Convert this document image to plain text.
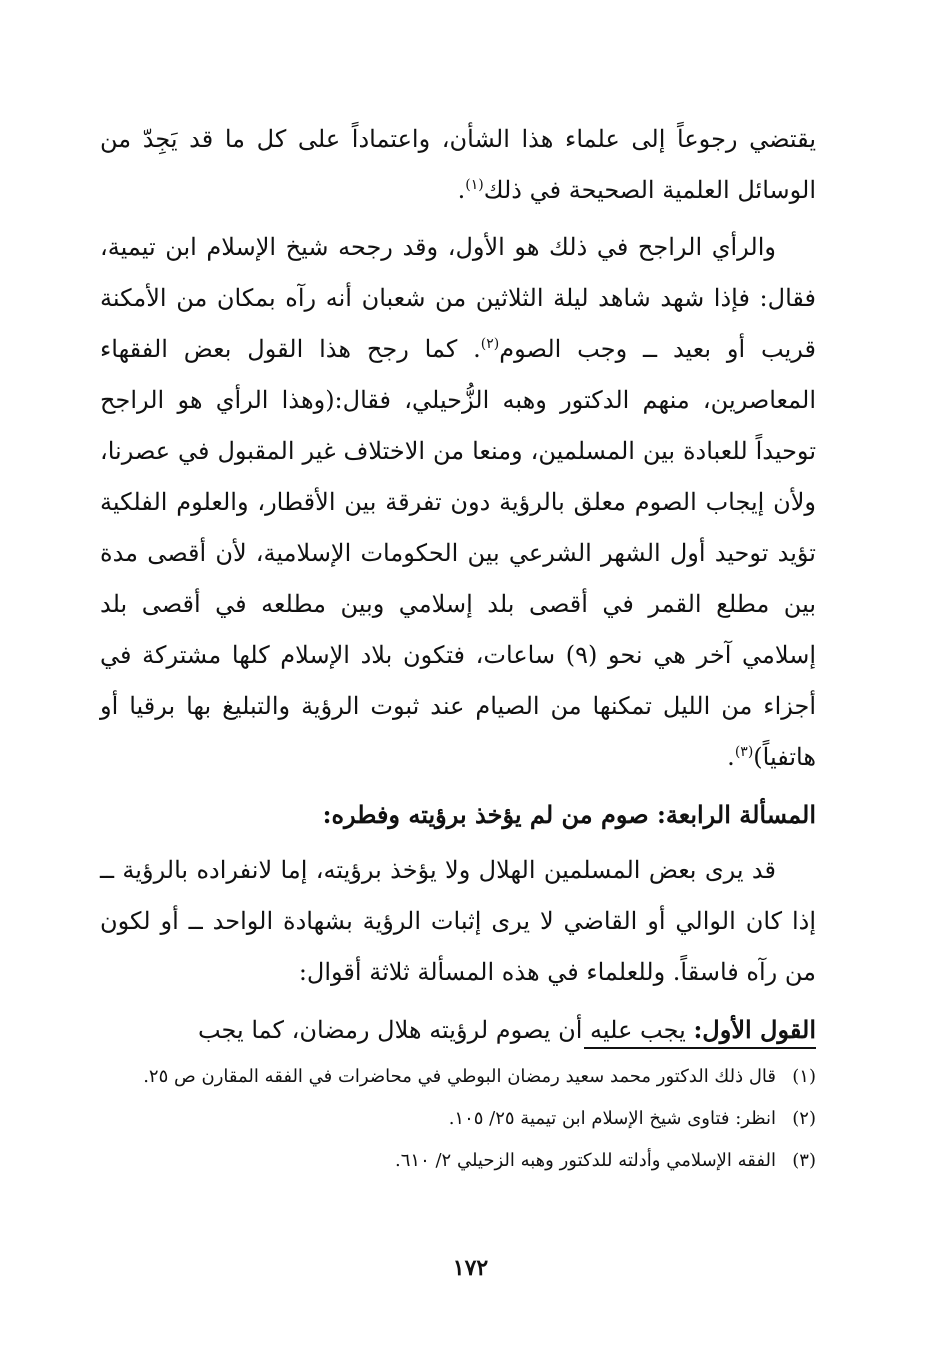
يقتضي رجوعاً إلى علماء هذا الشأن، واعتماداً على كل ما قد يَجِدّ من الوسائل العلمية الصحيحة في ذلك$^{(١)}$.

والرأي الراجح في ذلك هو الأول، وقد رجحه شيخ الإسلام ابن تيمية، فقال: فإذا شهد شاهد ليلة الثلاثين من شعبان أنه رآه بمكان من الأمكنة قريب أو بعيد ــ وجب الصوم$^{(٢)}$. كما رجح هذا القول بعض الفقهاء المعاصرين، منهم الدكتور وهبه الزُّحيلي، فقال:(وهذا الرأي هو الراجح توحيداً للعبادة بين المسلمين، ومنعا من الاختلاف غير المقبول في عصرنا، ولأن إيجاب الصوم معلق بالرؤية دون تفرقة بين الأقطار، والعلوم الفلكية تؤيد توحيد أول الشهر الشرعي بين الحكومات الإسلامية، لأن أقصى مدة بين مطلع القمر في أقصى بلد إسلامي وبين مطلعه في أقصى بلد إسلامي آخر هي نحو (٩) ساعات، فتكون بلاد الإسلام كلها مشتركة في أجزاء من الليل تمكنها من الصيام عند ثبوت الرؤية والتبليغ بها برقيا أو هاتفياً)$^{(٣)}$.

المسألة الرابعة: صوم من لم يؤخذ برؤيته وفطره:

قد يرى بعض المسلمين الهلال ولا يؤخذ برؤيته، إما لانفراده بالرؤية ــ إذا كان الوالي أو القاضي لا يرى إثبات الرؤية بشهادة الواحد ــ أو لكون من رآه فاسقاً. وللعلماء في هذه المسألة ثلاثة أقوال:

القول الأول: يجب عليه أن يصوم لرؤيته هلال رمضان، كما يجب

(١)
قال ذلك الدكتور محمد سعيد رمضان البوطي في محاضرات في الفقه المقارن ص ٢٥.
(٢)
انظر: فتاوى شيخ الإسلام ابن تيمية ٢٥/ ١٠٥.
(٣)
الفقه الإسلامي وأدلته للدكتور وهبه الزحيلي ٢/ ٦١٠.
١٧٢
